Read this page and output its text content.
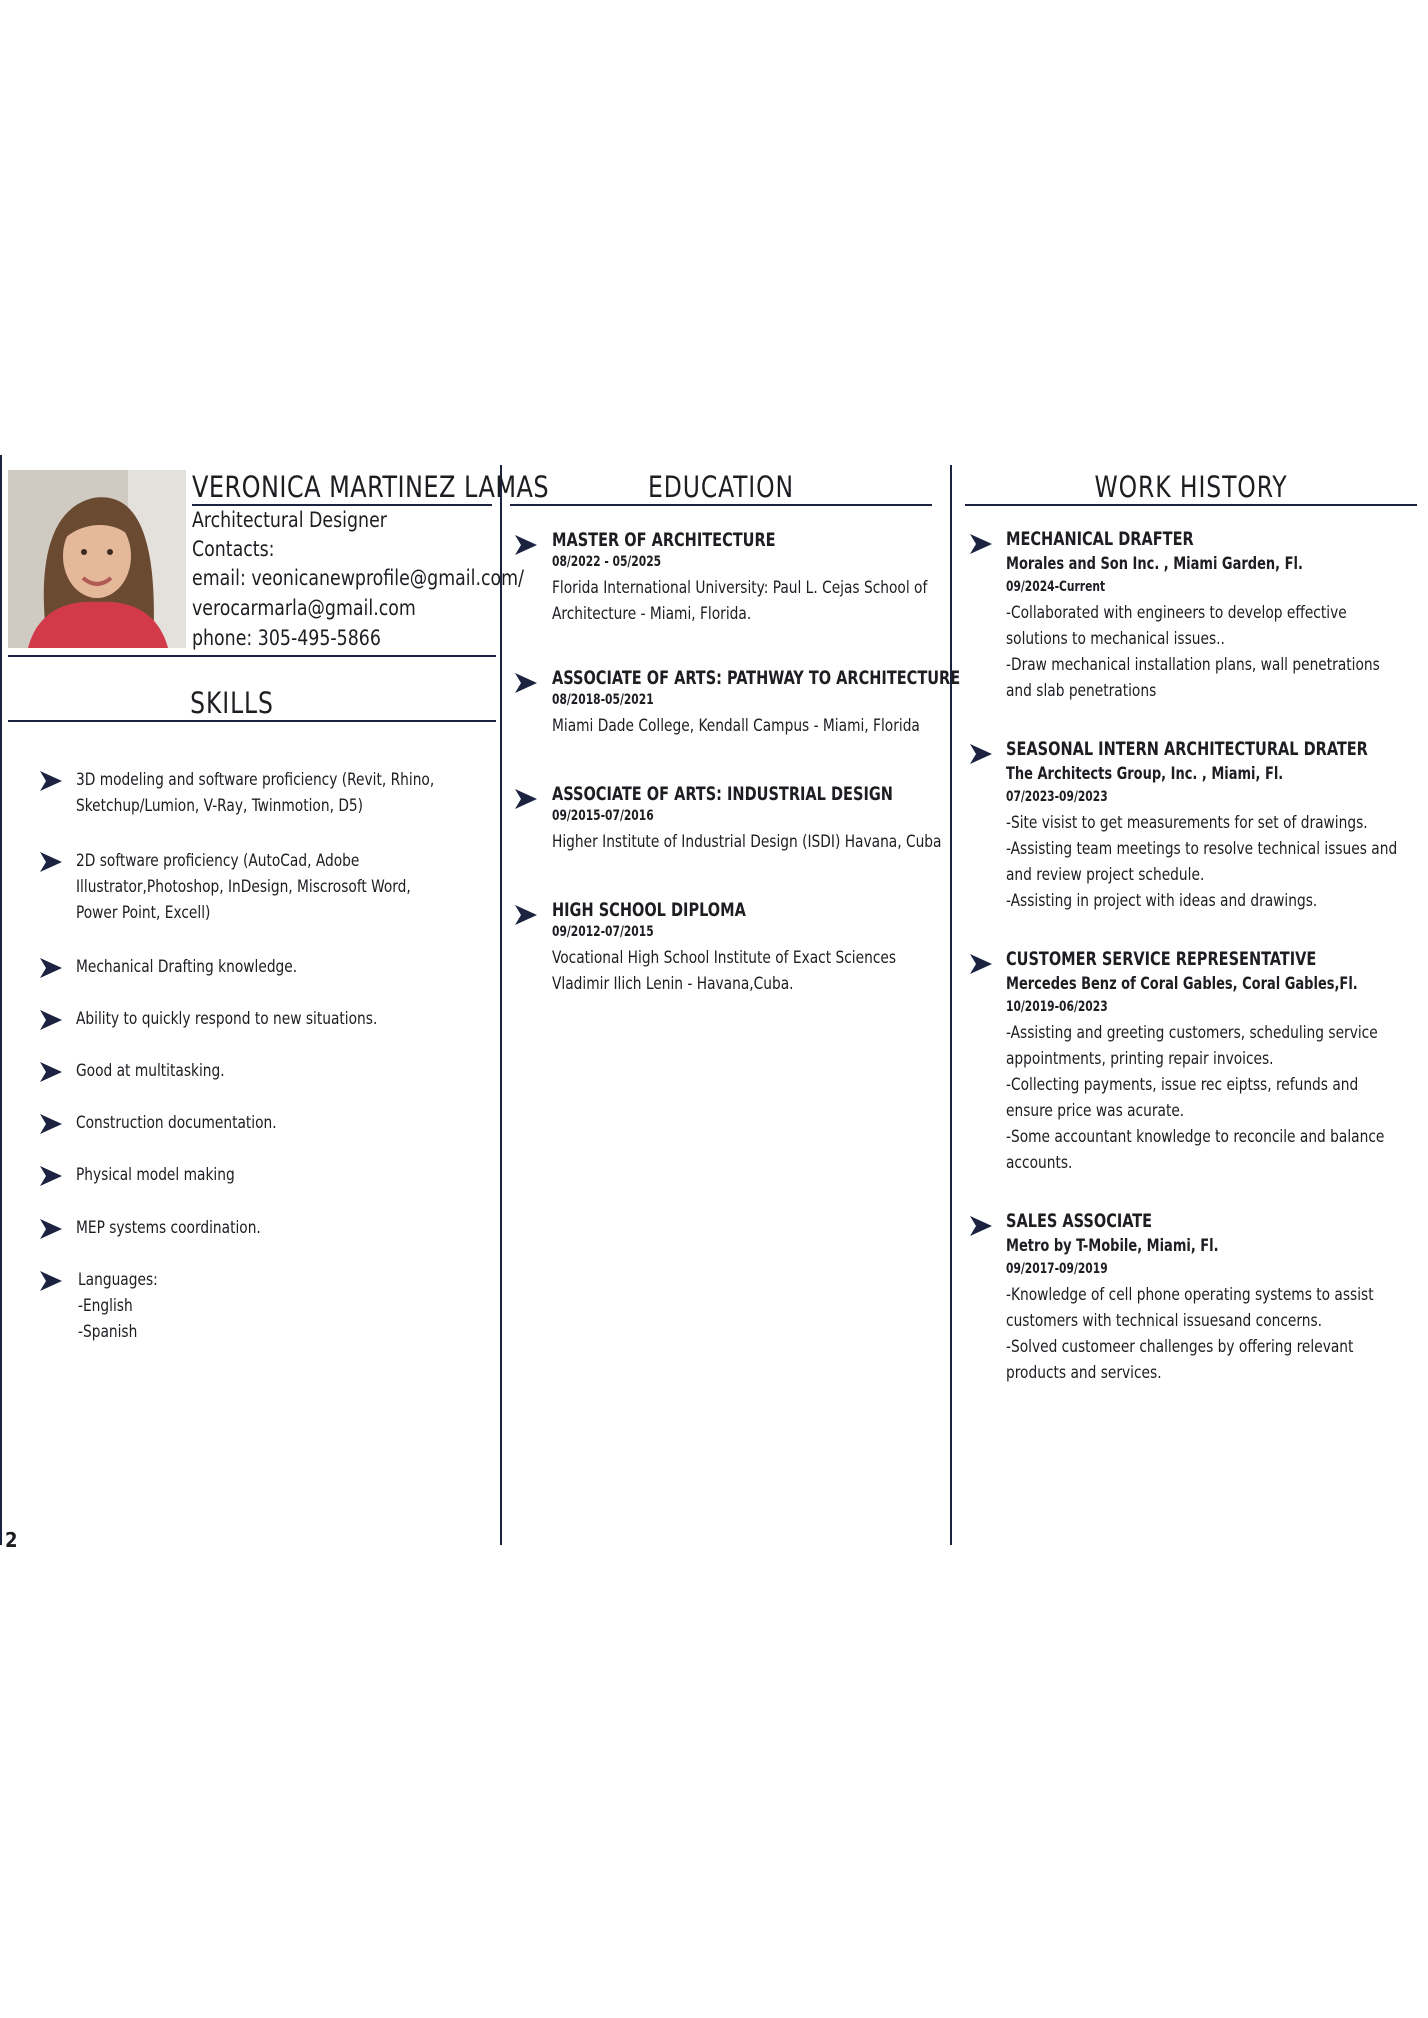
VERONICA MARTINEZ LAMAS
Architectural Designer
Contacts:
email: veonicanewprofile@gmail.com/
verocarmarla@gmail.com
phone: 305-495-5866
SKILLS
3D modeling and software proficiency (Revit, Rhino, Sketchup/Lumion, V-Ray, Twinmotion, D5)
2D software proficiency (AutoCad, Adobe Illustrator,Photoshop, InDesign, Miscrosoft Word, Power Point, Excell)
Mechanical Drafting knowledge.
Ability to quickly respond to new situations.
Good at multitasking.
Construction documentation.
Physical model making
MEP systems coordination.
Languages:
-English
-Spanish
EDUCATION
MASTER OF ARCHITECTURE
08/2022 - 05/2025
Florida International University: Paul L. Cejas School of
Architecture - Miami, Florida.
ASSOCIATE OF ARTS: PATHWAY TO ARCHITECTURE
08/2018-05/2021
Miami Dade College, Kendall Campus - Miami, Florida
ASSOCIATE OF ARTS: INDUSTRIAL DESIGN
09/2015-07/2016
Higher Institute of Industrial Design (ISDI) Havana, Cuba
HIGH SCHOOL DIPLOMA
09/2012-07/2015
Vocational High School Institute of Exact Sciences
Vladimir Ilich Lenin - Havana,Cuba.
WORK HISTORY
MECHANICAL DRAFTER
Morales and Son Inc. , Miami Garden, Fl.
09/2024-Current
-Collaborated with engineers to develop effective
solutions to mechanical issues..
-Draw mechanical installation plans, wall penetrations
and slab penetrations
SEASONAL INTERN ARCHITECTURAL DRATER
The Architects Group, Inc. , Miami, Fl.
07/2023-09/2023
-Site visist to get measurements for set of drawings.
-Assisting team meetings to resolve technical issues and
and review project schedule.
-Assisting in project with ideas and drawings.
CUSTOMER SERVICE REPRESENTATIVE
Mercedes Benz of Coral Gables, Coral Gables,Fl.
10/2019-06/2023
-Assisting and greeting customers, scheduling service
appointments, printing repair invoices.
-Collecting payments, issue rec eiptss, refunds and
ensure price was acurate.
-Some accountant knowledge to reconcile and balance
accounts.
SALES ASSOCIATE
Metro by T-Mobile, Miami, Fl.
09/2017-09/2019
-Knowledge of cell phone operating systems to assist
customers with technical issuesand concerns.
-Solved customeer challenges by offering relevant
products and services.
2
